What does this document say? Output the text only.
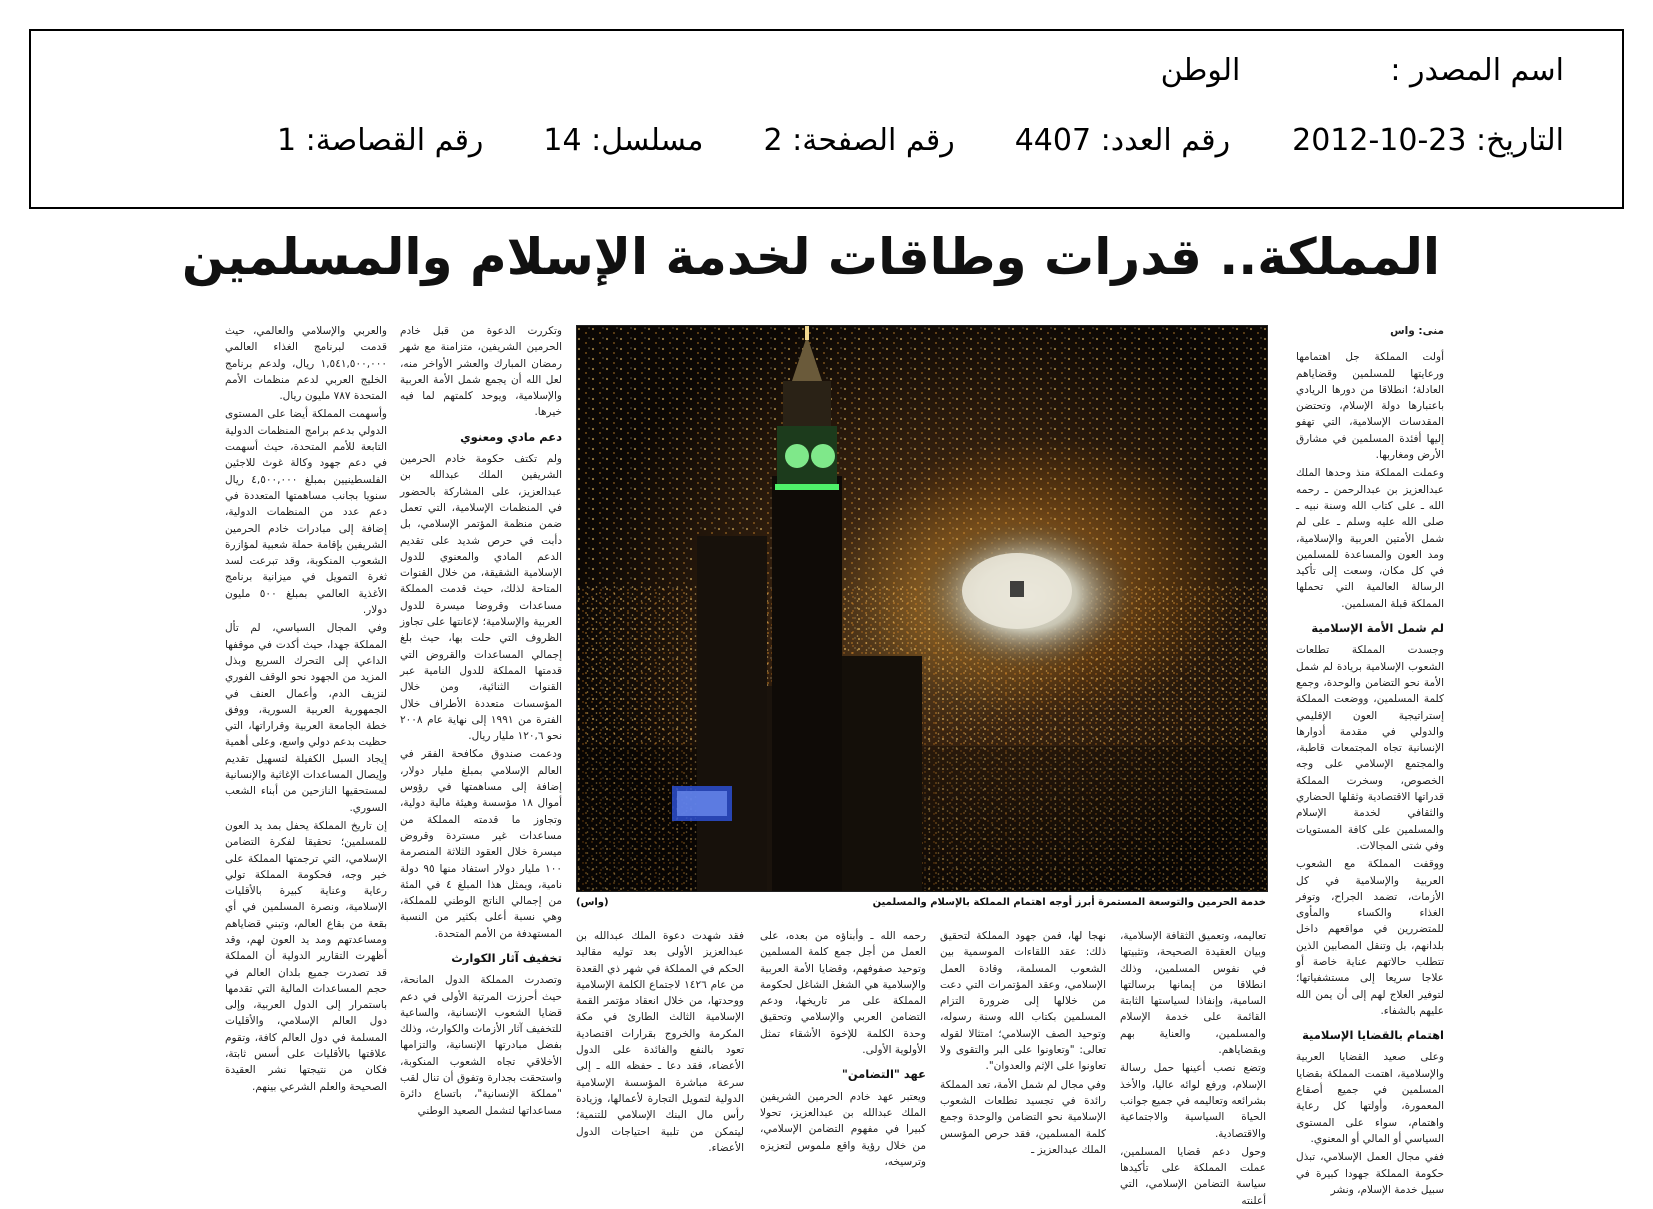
اسم المصدر :
الوطن
التاريخ:

2012-10-23
رقم العدد:

4407
رقم الصفحة:

2
مسلسل:

14
رقم القصاصة:

1
المملكة.. قدرات وطاقات لخدمة الإسلام والمسلمين
منى: واس

أولت المملكة جل اهتمامها ورعايتها للمسلمين وقضاياهم العادلة؛ انطلاقا من دورها الريادي باعتبارها دولة الإسلام، وتحتضن المقدسات الإسلامية، التي تهفو إليها أفئدة المسلمين في مشارق الأرض ومغاربها.

وعملت المملكة منذ وحدها الملك عبدالعزيز بن عبدالرحمن ـ رحمه الله ـ على كتاب الله وسنة نبيه ـ صلى الله عليه وسلم ـ على لم شمل الأمتين العربية والإسلامية، ومد العون والمساعدة للمسلمين في كل مكان، وسعت إلى تأكيد الرسالة العالمية التي تحملها المملكة قبلة المسلمين.

لم شمل الأمة الإسلامية

وجسدت المملكة تطلعات الشعوب الإسلامية بريادة لم شمل الأمة نحو التضامن والوحدة، وجمع كلمة المسلمين، ووضعت المملكة إستراتيجية العون الإقليمي والدولي في مقدمة أدوارها الإنسانية تجاه المجتمعات قاطبة، والمجتمع الإسلامي على وجه الخصوص، وسخرت المملكة قدراتها الاقتصادية وثقلها الحضاري والثقافي لخدمة الإسلام والمسلمين على كافة المستويات وفي شتى المجالات.

ووقفت المملكة مع الشعوب العربية والإسلامية في كل الأزمات، تضمد الجراح، وتوفر الغذاء والكساء والمأوى للمتضررين في مواقعهم داخل بلدانهم، بل وتنقل المصابين الذين تتطلب حالاتهم عناية خاصة أو علاجا سريعا إلى مستشفياتها؛ لتوفير العلاج لهم إلى أن يمن الله عليهم بالشفاء.

اهتمام بالقضايا الإسلامية

وعلى صعيد القضايا العربية والإسلامية، اهتمت المملكة بقضايا المسلمين في جميع أصقاع المعمورة، وأولتها كل رعاية واهتمام، سواء على المستوى السياسي أو المالي أو المعنوي.

ففي مجال العمل الإسلامي، تبذل حكومة المملكة جهودا كبيرة في سبيل خدمة الإسلام، ونشر

خدمة الحرمين والتوسعة المستمرة أبرز أوجه اهتمام المملكة بالإسلام والمسلمين
(واس)

تعاليمه، وتعميق الثقافة الإسلامية، وبيان العقيدة الصحيحة، وتثبيتها في نفوس المسلمين، وذلك انطلاقا من إيمانها برسالتها السامية، وإنفاذا لسياستها الثابتة القائمة على خدمة الإسلام والمسلمين، والعناية بهم وبقضاياهم.

وتضع نصب أعينها حمل رسالة الإسلام، ورفع لوائه عاليا، والأخذ بشرائعه وتعاليمه في جميع جوانب الحياة السياسية والاجتماعية والاقتصادية.

وحول دعم قضايا المسلمين، عملت المملكة على تأكيدها سياسة التضامن الإسلامي، التي أعلنته

نهجا لها، فمن جهود المملكة لتحقيق ذلك: عقد اللقاءات الموسمية بين الشعوب المسلمة، وقادة العمل الإسلامي، وعقد المؤتمرات التي دعت من خلالها إلى ضرورة التزام المسلمين بكتاب الله وسنة رسوله، وتوحيد الصف الإسلامي؛ امتثالا لقوله تعالى: "وتعاونوا على البر والتقوى ولا تعاونوا على الإثم والعدوان".

وفي مجال لم شمل الأمة، تعد المملكة رائدة في تجسيد تطلعات الشعوب الإسلامية نحو التضامن والوحدة وجمع كلمة المسلمين، فقد حرص المؤسس الملك عبدالعزيز ـ

رحمه الله ـ وأبناؤه من بعده، على العمل من أجل جمع كلمة المسلمين وتوحيد صفوفهم، وقضايا الأمة العربية والإسلامية هي الشغل الشاغل لحكومة المملكة على مر تاريخها، ودعم التضامن العربي والإسلامي وتحقيق وحدة الكلمة للإخوة الأشقاء تمثل الأولوية الأولى.

عهد "التضامن"

ويعتبر عهد خادم الحرمين الشريفين الملك عبدالله بن عبدالعزيز، تحولا كبيرا في مفهوم التضامن الإسلامي، من خلال رؤية واقع ملموس لتعزيزه وترسيخه،

فقد شهدت دعوة الملك عبدالله بن عبدالعزيز الأولى بعد توليه مقاليد الحكم في المملكة في شهر ذي القعدة من عام ١٤٢٦ لاجتماع الكلمة الإسلامية ووحدتها، من خلال انعقاد مؤتمر القمة الإسلامية الثالث الطارئ في مكة المكرمة والخروج بقرارات اقتصادية تعود بالنفع والفائدة على الدول الأعضاء، فقد دعا ـ حفظه الله ـ إلى سرعة مباشرة المؤسسة الإسلامية الدولية لتمويل التجارة لأعمالها، وزيادة رأس مال البنك الإسلامي للتنمية؛ ليتمكن من تلبية احتياجات الدول الأعضاء.

وتكررت الدعوة من قبل خادم الحرمين الشريفين، متزامنة مع شهر رمضان المبارك والعشر الأواخر منه، لعل الله أن يجمع شمل الأمة العربية والإسلامية، ويوحد كلمتهم لما فيه خيرها.

دعم مادي ومعنوي

ولم تكتف حكومة خادم الحرمين الشريفين الملك عبدالله بن عبدالعزيز، على المشاركة بالحضور في المنظمات الإسلامية، التي تعمل ضمن منظمة المؤتمر الإسلامي، بل دأبت في حرص شديد على تقديم الدعم المادي والمعنوي للدول الإسلامية الشقيقة، من خلال القنوات المتاحة لذلك، حيث قدمت المملكة مساعدات وقروضا ميسرة للدول العربية والإسلامية؛ لإعانتها على تجاوز الظروف التي حلت بها، حيث بلغ إجمالي المساعدات والقروض التي قدمتها المملكة للدول النامية عبر القنوات الثنائية، ومن خلال المؤسسات متعددة الأطراف خلال الفترة من ١٩٩١ إلى نهاية عام ٢٠٠٨ نحو ١٢٠,٦ مليار ريال.

ودعمت صندوق مكافحة الفقر في العالم الإسلامي بمبلغ مليار دولار، إضافة إلى مساهمتها في رؤوس أموال ١٨ مؤسسة وهيئة مالية دولية، وتجاوز ما قدمته المملكة من مساعدات غير مستردة وقروض ميسرة خلال العقود الثلاثة المنصرمة ١٠٠ مليار دولار استفاد منها ٩٥ دولة نامية، ويمثل هذا المبلغ ٤ في المئة من إجمالي الناتج الوطني للمملكة، وهي نسبة أعلى بكثير من النسبة المستهدفة من الأمم المتحدة.

تخفيف آثار الكوارث

وتصدرت المملكة الدول المانحة، حيث أحرزت المرتبة الأولى في دعم قضايا الشعوب الإنسانية، والساعية للتخفيف آثار الأزمات والكوارث، وذلك بفضل مبادرتها الإنسانية، والتزامها الأخلاقي تجاه الشعوب المنكوبة، واستحقت بجدارة وتفوق أن تنال لقب "مملكة الإنسانية"، باتساع دائرة مساعداتها لتشمل الصعيد الوطني

والعربي والإسلامي والعالمي، حيث قدمت لبرنامج الغذاء العالمي ١,٥٤١,٥٠٠,٠٠٠ ريال، ولدعم برنامج الخليج العربي لدعم منظمات الأمم المتحدة ٧٨٧ مليون ريال.

وأسهمت المملكة أيضا على المستوى الدولي بدعم برامج المنظمات الدولية التابعة للأمم المتحدة، حيث أسهمت في دعم جهود وكالة غوث للاجئين الفلسطينيين بمبلغ ٤,٥٠٠,٠٠٠ ريال سنويا بجانب مساهمتها المتعددة في دعم عدد من المنظمات الدولية، إضافة إلى مبادرات خادم الحرمين الشريفين بإقامة حملة شعبية لمؤازرة الشعوب المنكوبة، وقد تبرعت لسد ثغرة التمويل في ميزانية برنامج الأغذية العالمي بمبلغ ٥٠٠ مليون دولار.

وفي المجال السياسي، لم تأل المملكة جهدا، حيث أكدت في موقفها الداعي إلى التحرك السريع وبذل المزيد من الجهود نحو الوقف الفوري لنزيف الدم، وأعمال العنف في الجمهورية العربية السورية، ووفق خطة الجامعة العربية وقراراتها، التي حظيت بدعم دولي واسع، وعلى أهمية إيجاد السبل الكفيلة لتسهيل تقديم وإيصال المساعدات الإغاثية والإنسانية لمستحقيها النازحين من أبناء الشعب السوري.

إن تاريخ المملكة يحفل بمد يد العون للمسلمين؛ تحقيقا لفكرة التضامن الإسلامي، التي ترجمتها المملكة على خير وجه، فحكومة المملكة تولي رعاية وعناية كبيرة بالأقليات الإسلامية، ونصرة المسلمين في أي بقعة من بقاع العالم، وتبني قضاياهم ومساعدتهم ومد يد العون لهم، وقد أظهرت التقارير الدولية أن المملكة قد تصدرت جميع بلدان العالم في حجم المساعدات المالية التي تقدمها باستمرار إلى الدول العربية، وإلى دول العالم الإسلامي، والأقليات المسلمة في دول العالم كافة، وتقوم علاقتها بالأقليات على أسس ثابتة، فكان من نتيجتها نشر العقيدة الصحيحة والعلم الشرعي بينهم.
